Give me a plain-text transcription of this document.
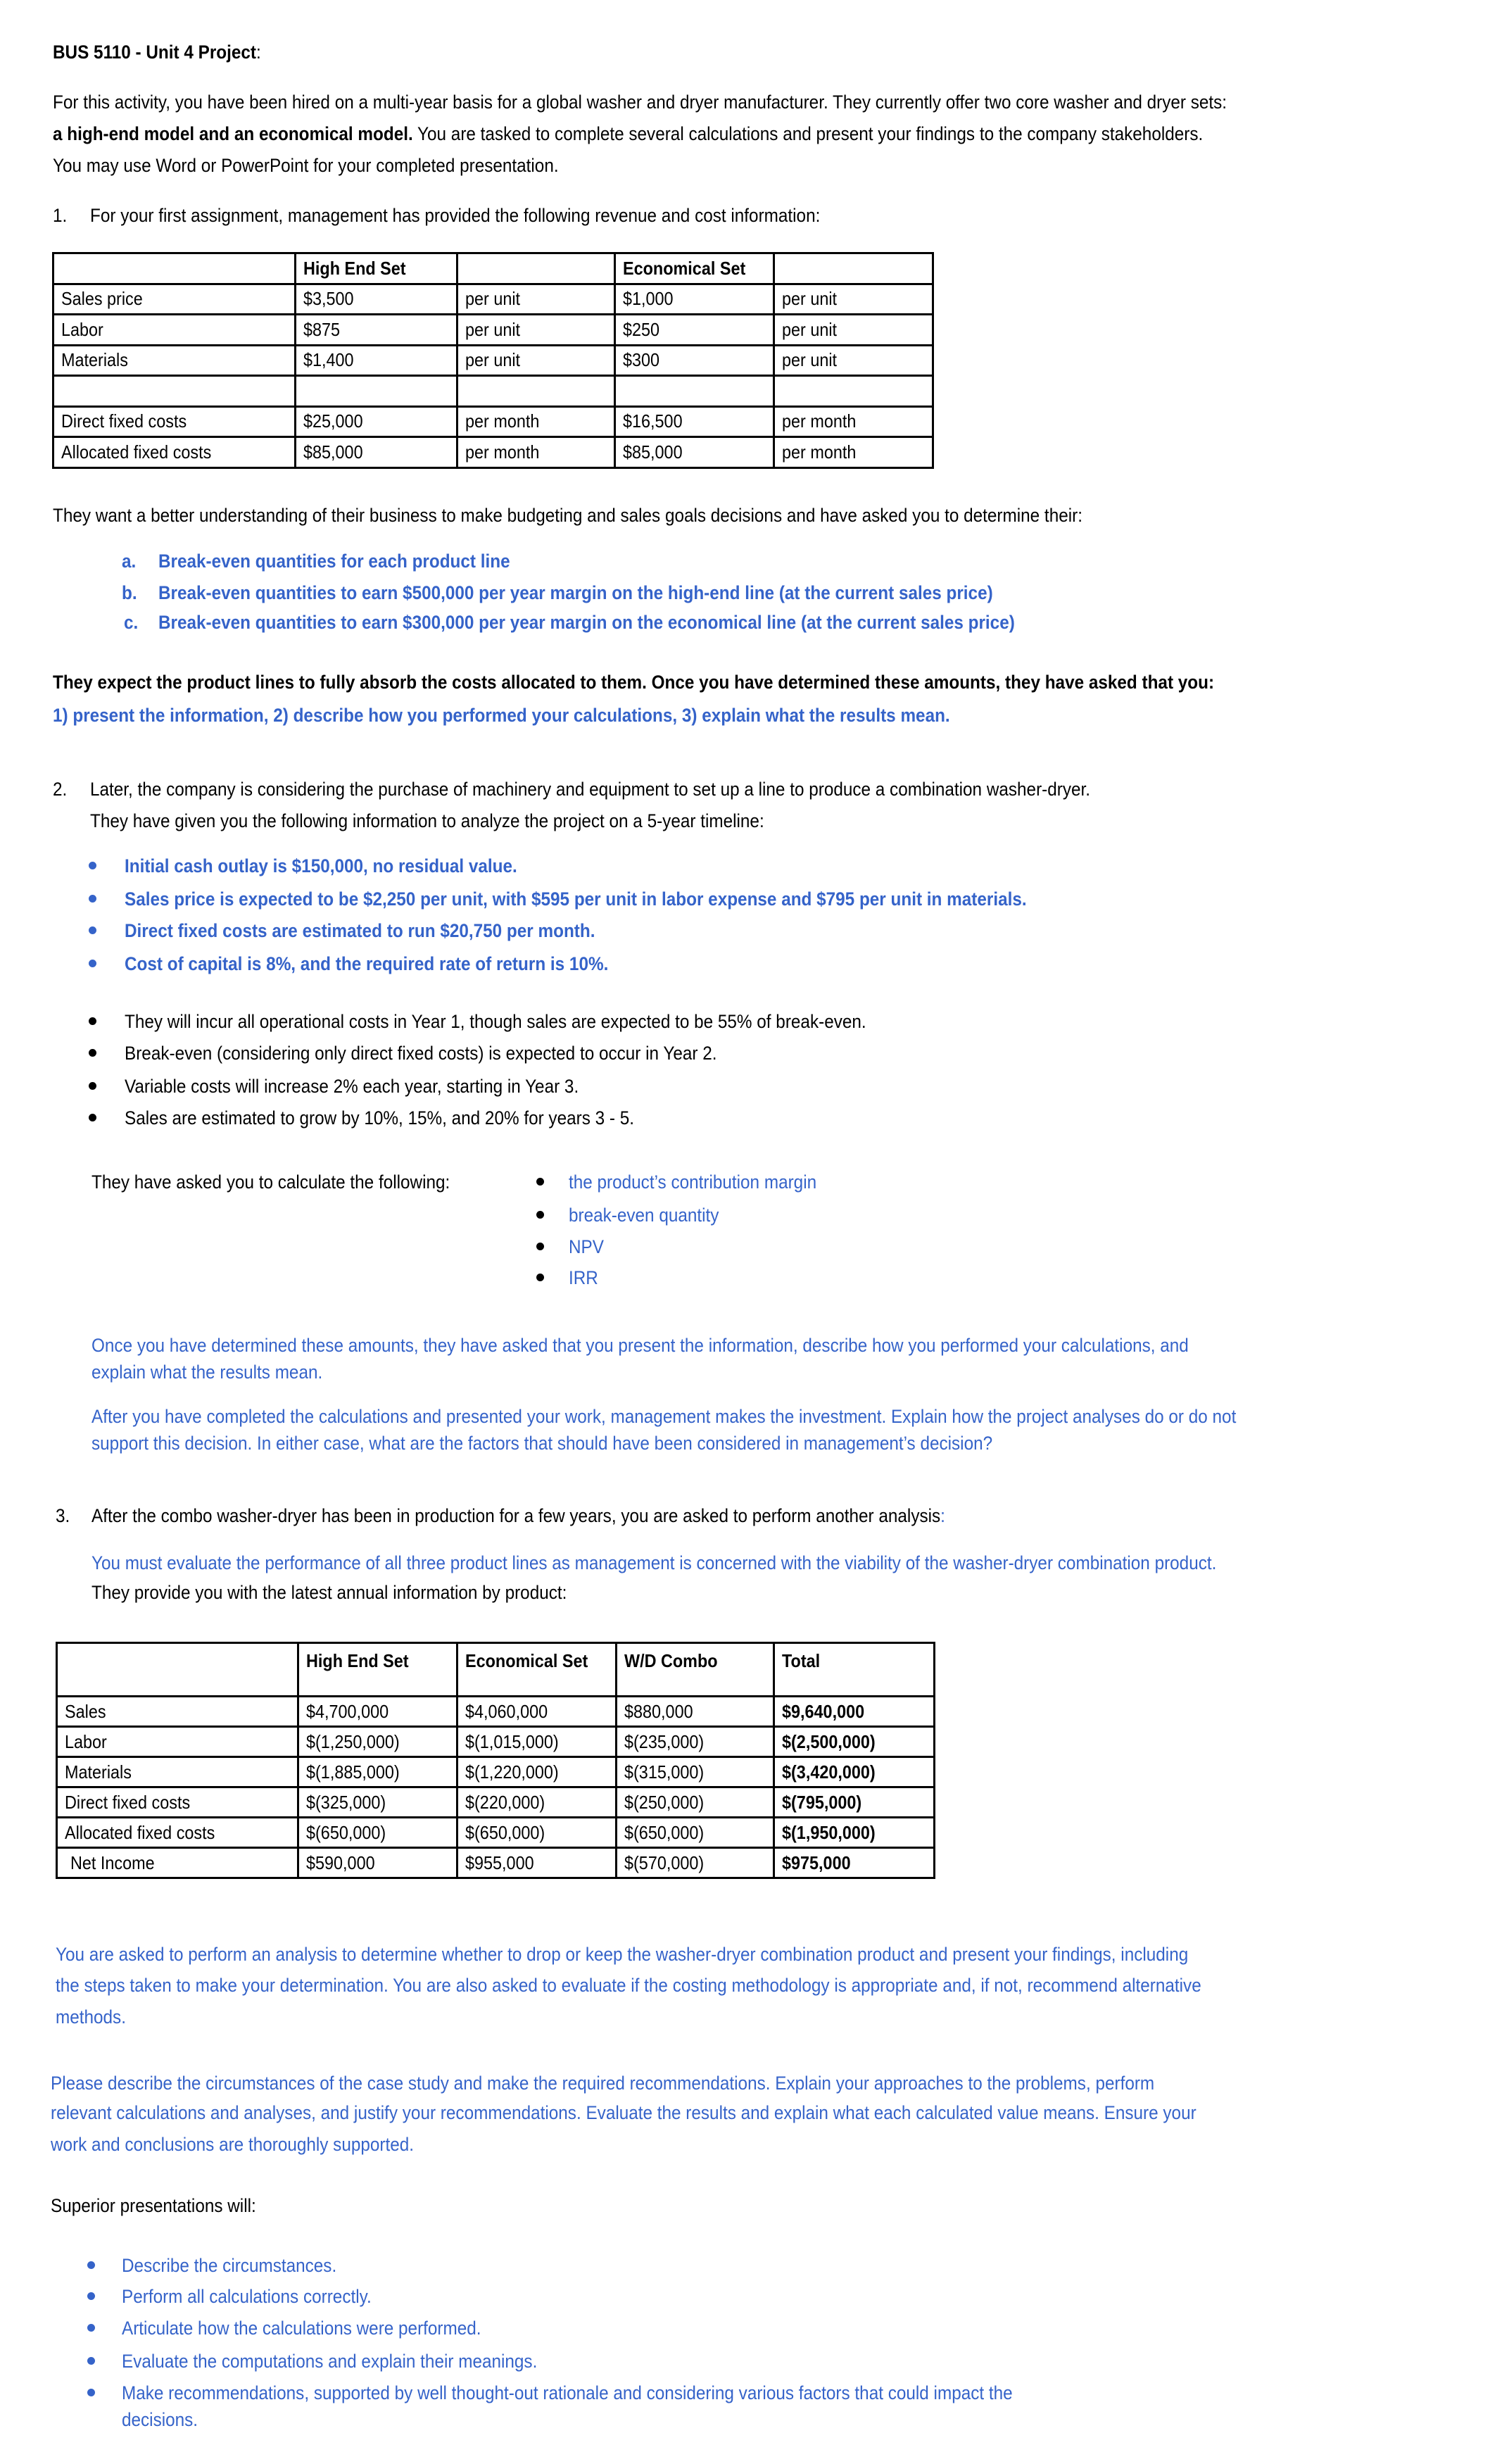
BUS 5110 - Unit 4 Project:
For this activity, you have been hired on a multi-year basis for a global washer and dryer manufacturer. They currently offer two core washer and dryer sets:
a high-end model and an economical model. You are tasked to complete several calculations and present your findings to the company stakeholders.
You may use Word or PowerPoint for your completed presentation.
1. For your first assignment, management has provided the following revenue and cost information:
	High End Set		Economical Set	
Sales price	$3,500	per unit	$1,000	per unit
Labor	$875	per unit	$250	per unit
Materials	$1,400	per unit	$300	per unit

Direct fixed costs	$25,000	per month	$16,500	per month
Allocated fixed costs	$85,000	per month	$85,000	per month
They want a better understanding of their business to make budgeting and sales goals decisions and have asked you to determine their:
a. Break-even quantities for each product line
b. Break-even quantities to earn $500,000 per year margin on the high-end line (at the current sales price)
c. Break-even quantities to earn $300,000 per year margin on the economical line (at the current sales price)
They expect the product lines to fully absorb the costs allocated to them. Once you have determined these amounts, they have asked that you:
1) present the information, 2) describe how you performed your calculations, 3) explain what the results mean.
2. Later, the company is considering the purchase of machinery and equipment to set up a line to produce a combination washer-dryer.
They have given you the following information to analyze the project on a 5-year timeline:
Initial cash outlay is $150,000, no residual value.
Sales price is expected to be $2,250 per unit, with $595 per unit in labor expense and $795 per unit in materials.
Direct fixed costs are estimated to run $20,750 per month.
Cost of capital is 8%, and the required rate of return is 10%.
They will incur all operational costs in Year 1, though sales are expected to be 55% of break-even.
Break-even (considering only direct fixed costs) is expected to occur in Year 2.
Variable costs will increase 2% each year, starting in Year 3.
Sales are estimated to grow by 10%, 15%, and 20% for years 3 - 5.
They have asked you to calculate the following:	the product’s contribution margin
break-even quantity
NPV
IRR
Once you have determined these amounts, they have asked that you present the information, describe how you performed your calculations, and
explain what the results mean.
After you have completed the calculations and presented your work, management makes the investment. Explain how the project analyses do or do not
support this decision. In either case, what are the factors that should have been considered in management’s decision?
3. After the combo washer-dryer has been in production for a few years, you are asked to perform another analysis:
You must evaluate the performance of all three product lines as management is concerned with the viability of the washer-dryer combination product.
They provide you with the latest annual information by product:
	High End Set	Economical Set	W/D Combo	Total
Sales	$4,700,000	$4,060,000	$880,000	$9,640,000
Labor	$(1,250,000)	$(1,015,000)	$(235,000)	$(2,500,000)
Materials	$(1,885,000)	$(1,220,000)	$(315,000)	$(3,420,000)
Direct fixed costs	$(325,000)	$(220,000)	$(250,000)	$(795,000)
Allocated fixed costs	$(650,000)	$(650,000)	$(650,000)	$(1,950,000)
Net Income	$590,000	$955,000	$(570,000)	$975,000
You are asked to perform an analysis to determine whether to drop or keep the washer-dryer combination product and present your findings, including
the steps taken to make your determination. You are also asked to evaluate if the costing methodology is appropriate and, if not, recommend alternative
methods.
Please describe the circumstances of the case study and make the required recommendations. Explain your approaches to the problems, perform
relevant calculations and analyses, and justify your recommendations. Evaluate the results and explain what each calculated value means. Ensure your
work and conclusions are thoroughly supported.
Superior presentations will:
Describe the circumstances.
Perform all calculations correctly.
Articulate how the calculations were performed.
Evaluate the computations and explain their meanings.
Make recommendations, supported by well thought-out rationale and considering various factors that could impact the
decisions.
